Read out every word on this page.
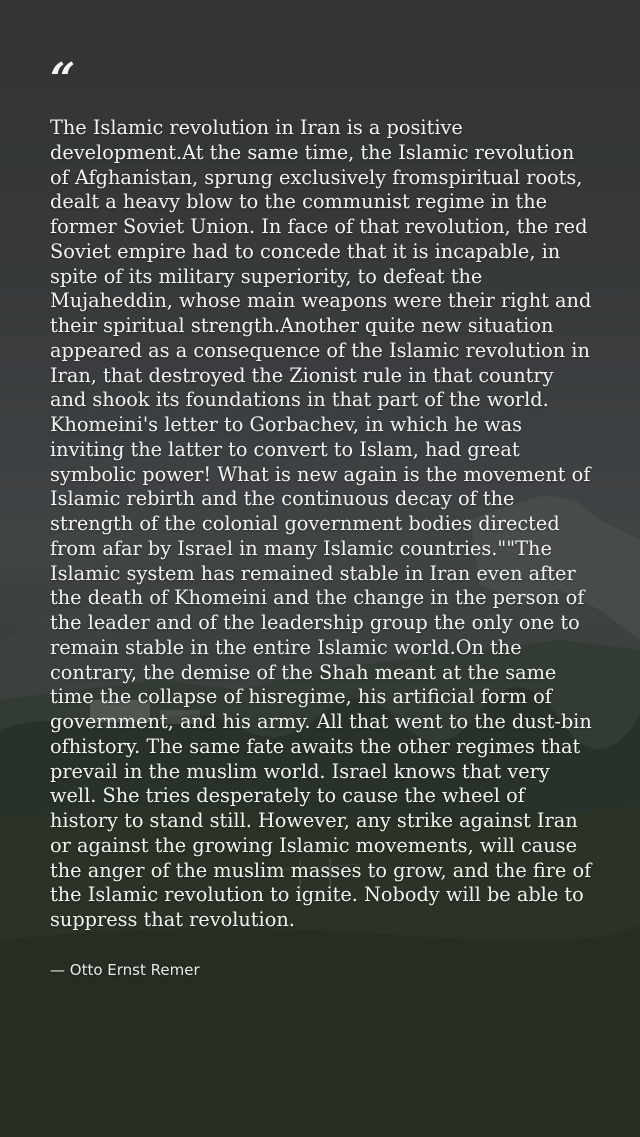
“

The Islamic revolution in Iran is a positive development.At the same time, the Islamic revolution of Afghanistan, sprung exclusively fromspiritual roots, dealt a heavy blow to the communist regime in the former Soviet Union. In face of that revolution, the red Soviet empire had to concede that it is incapable, in spite of its military superiority, to defeat the Mujaheddin, whose main weapons were their right and their spiritual strength.Another quite new situation appeared as a consequence of the Islamic revolution in Iran, that destroyed the Zionist rule in that country and shook its foundations in that part of the world. Khomeini's letter to Gorbachev, in which he was inviting the latter to convert to Islam, had great symbolic power! What is new again is the movement of Islamic rebirth and the continuous decay of the strength of the colonial government bodies directed from afar by Israel in many Islamic countries.""The Islamic system has remained stable in Iran even after the death of Khomeini and the change in the person of the leader and of the leadership group the only one to remain stable in the entire Islamic world.On the contrary, the demise of the Shah meant at the same time the collapse of hisregime, his artificial form of government, and his army. All that went to the dust-bin ofhistory. The same fate awaits the other regimes that prevail in the muslim world. Israel knows that very well. She tries desperately to cause the wheel of history to stand still. However, any strike against Iran or against the growing Islamic movements, will cause the anger of the muslim masses to grow, and the fire of the Islamic revolution to ignite. Nobody will be able to suppress that revolution.

— Otto Ernst Remer
